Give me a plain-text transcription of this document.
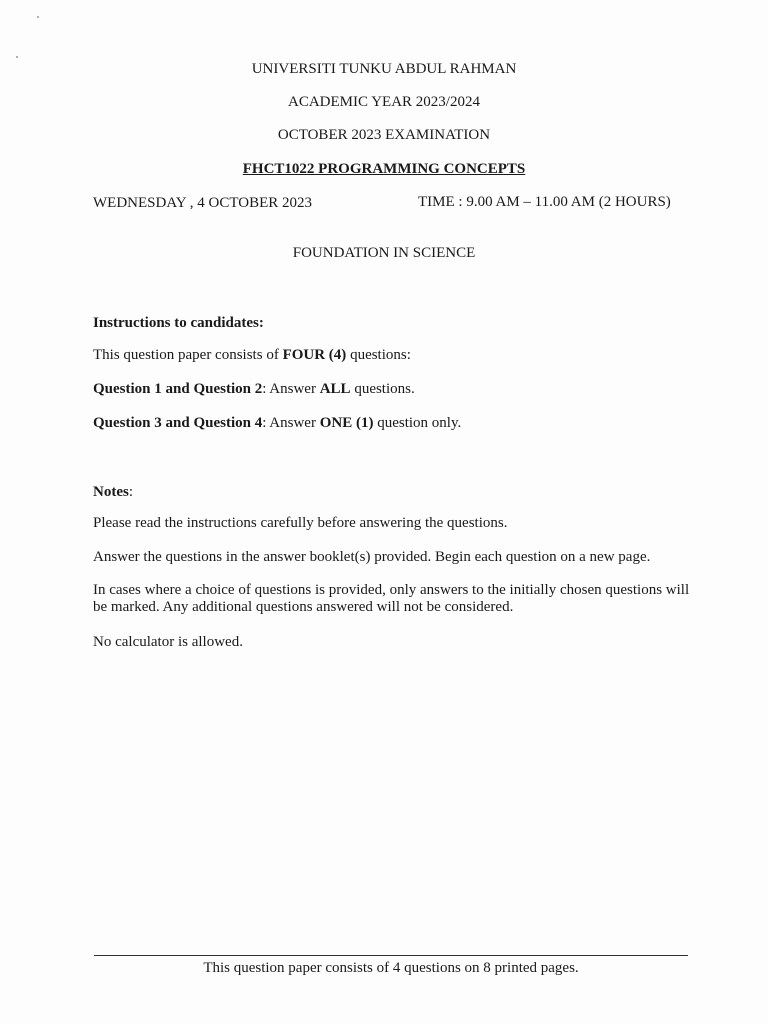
UNIVERSITI TUNKU ABDUL RAHMAN
ACADEMIC YEAR 2023/2024
OCTOBER 2023 EXAMINATION
FHCT1022 PROGRAMMING CONCEPTS
WEDNESDAY , 4 OCTOBER 2023	TIME : 9.00 AM – 11.00 AM (2 HOURS)
FOUNDATION IN SCIENCE
Instructions to candidates:
This question paper consists of FOUR (4) questions:
Question 1 and Question 2: Answer ALL questions.
Question 3 and Question 4: Answer ONE (1) question only.
Notes:
Please read the instructions carefully before answering the questions.
Answer the questions in the answer booklet(s) provided. Begin each question on a new page.
In cases where a choice of questions is provided, only answers to the initially chosen questions will be marked. Any additional questions answered will not be considered.
No calculator is allowed.
This question paper consists of 4 questions on 8 printed pages.
